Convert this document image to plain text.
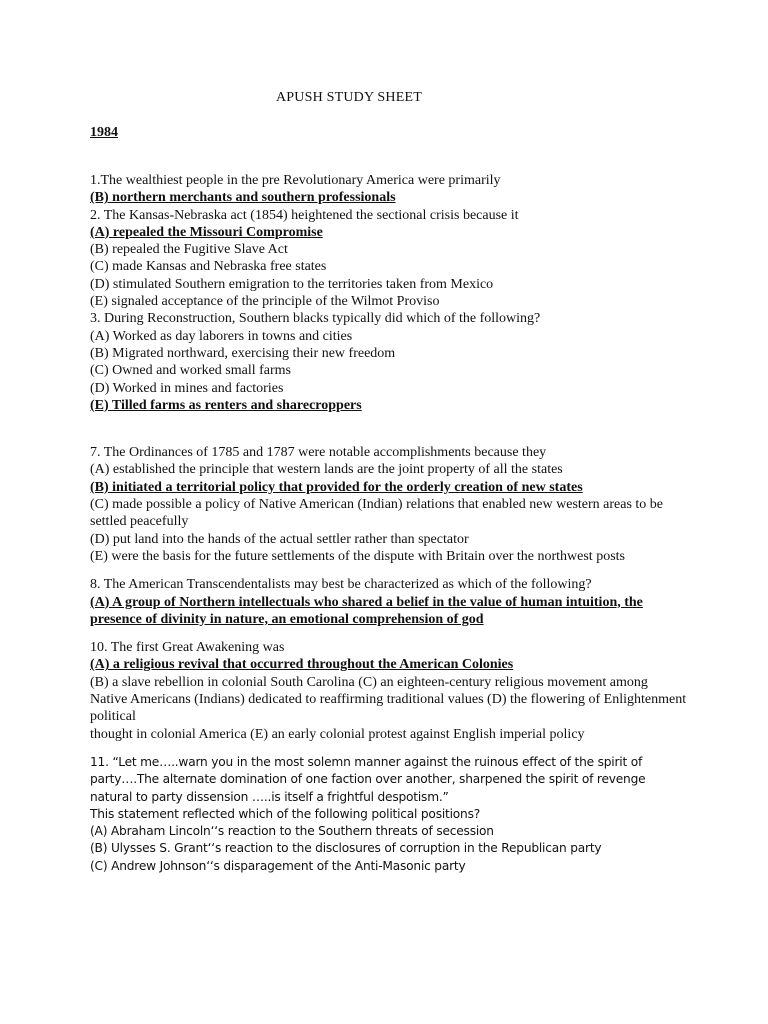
APUSH STUDY SHEET
1984
1.The wealthiest people in the pre Revolutionary America were primarily
(B) northern merchants and southern professionals
2. The Kansas-Nebraska act (1854) heightened the sectional crisis because it
(A) repealed the Missouri Compromise
(B) repealed the Fugitive Slave Act
(C) made Kansas and Nebraska free states
(D) stimulated Southern emigration to the territories taken from Mexico
(E) signaled acceptance of the principle of the Wilmot Proviso
3. During Reconstruction, Southern blacks typically did which of the following?
(A) Worked as day laborers in towns and cities
(B) Migrated northward, exercising their new freedom
(C) Owned and worked small farms
(D) Worked in mines and factories
(E) Tilled farms as renters and sharecroppers
7. The Ordinances of 1785 and 1787 were notable accomplishments because they
(A) established the principle that western lands are the joint property of all the states
(B) initiated a territorial policy that provided for the orderly creation of new states
(C) made possible a policy of Native American (Indian) relations that enabled new western areas to be settled peacefully
(D) put land into the hands of the actual settler rather than spectator
(E) were the basis for the future settlements of the dispute with Britain over the northwest posts
8. The American Transcendentalists may best be characterized as which of the following?
(A) A group of Northern intellectuals who shared a belief in the value of human intuition, the presence of divinity in nature, an emotional comprehension of god
10. The first Great Awakening was
(A) a religious revival that occurred throughout the American Colonies
(B) a slave rebellion in colonial South Carolina (C) an eighteen-century religious movement among Native Americans (Indians) dedicated to reaffirming traditional values (D) the flowering of Enlightenment political
thought in colonial America (E) an early colonial protest against English imperial policy
11. “Let me…..warn you in the most solemn manner against the ruinous effect of the spirit of
party….The alternate domination of one faction over another, sharpened the spirit of revenge
natural to party dissension …..is itself a frightful despotism.”
This statement reflected which of the following political positions?
(A) Abraham Lincoln‘‘s reaction to the Southern threats of secession
(B) Ulysses S. Grant‘‘s reaction to the disclosures of corruption in the Republican party
(C) Andrew Johnson‘‘s disparagement of the Anti-Masonic party
